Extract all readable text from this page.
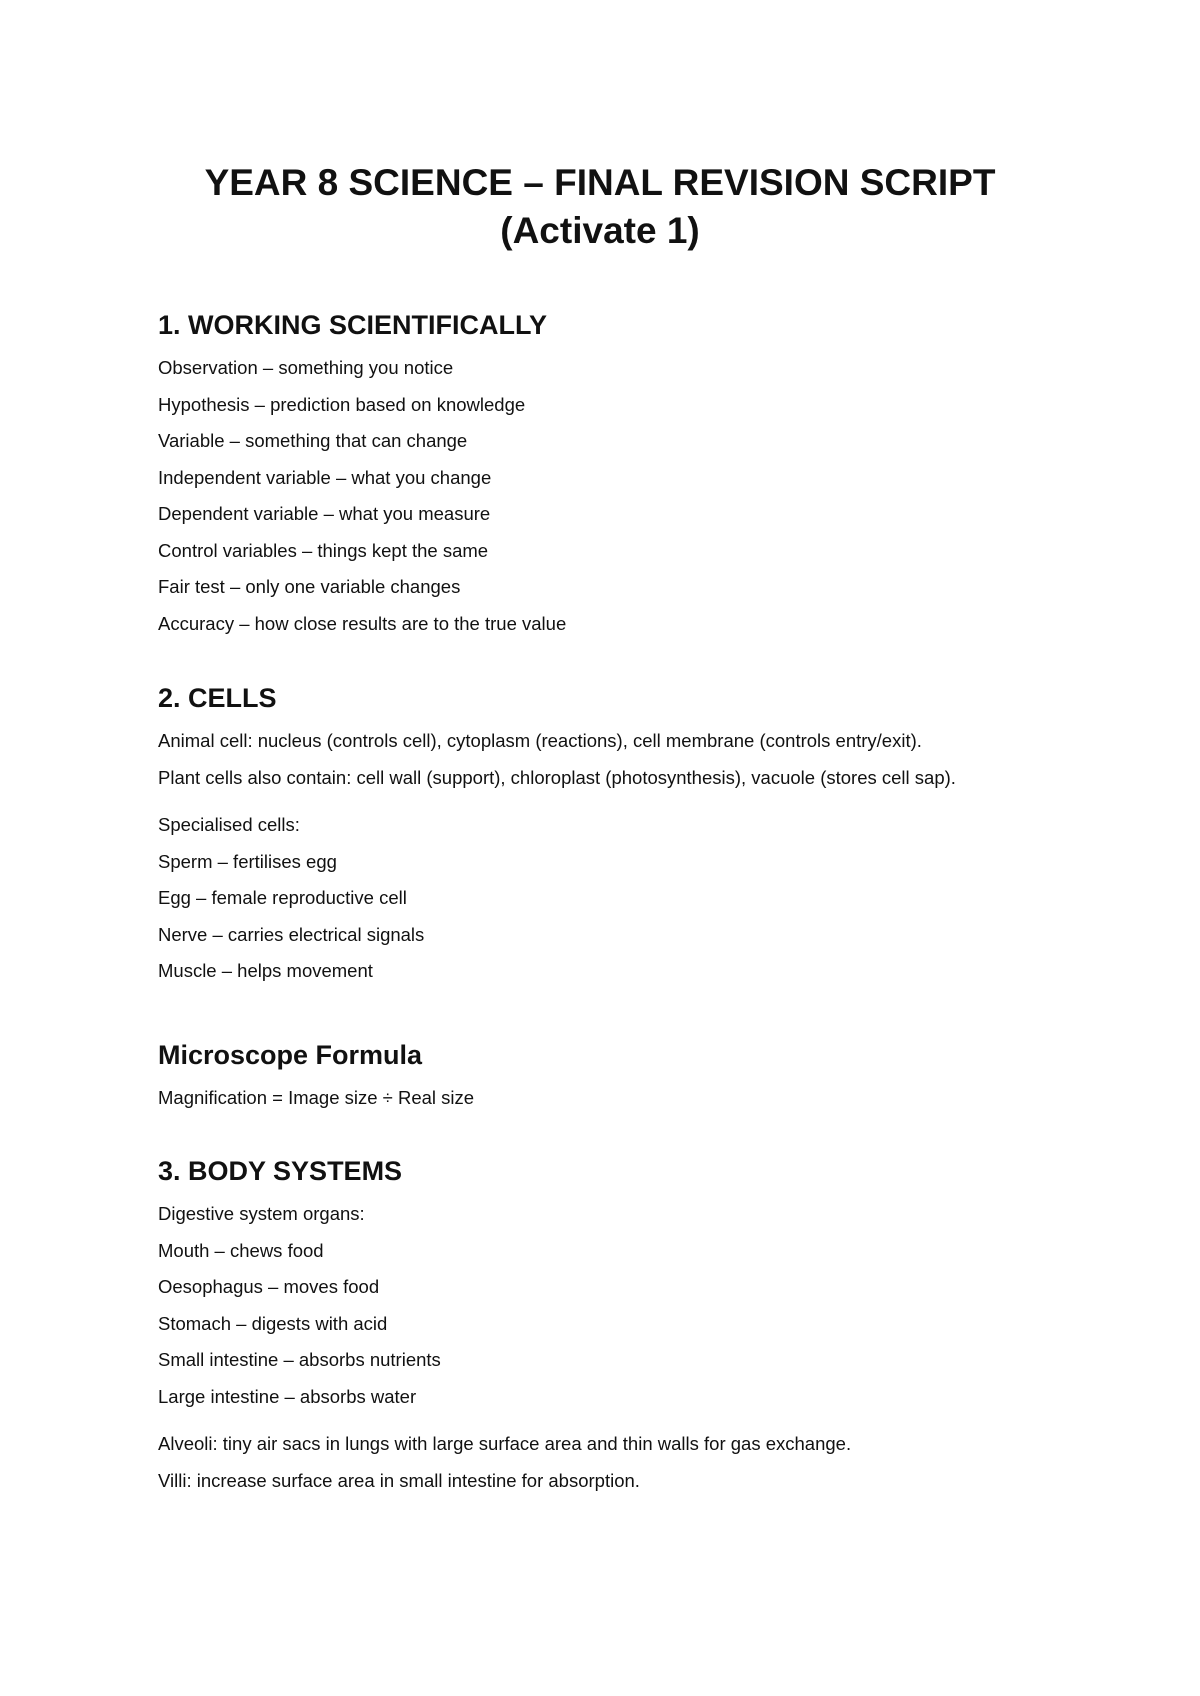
YEAR 8 SCIENCE – FINAL REVISION SCRIPT
(Activate 1)
1. WORKING SCIENTIFICALLY

Observation – something you notice

Hypothesis – prediction based on knowledge

Variable – something that can change

Independent variable – what you change

Dependent variable – what you measure

Control variables – things kept the same

Fair test – only one variable changes

Accuracy – how close results are to the true value

2. CELLS

Animal cell: nucleus (controls cell), cytoplasm (reactions), cell membrane (controls entry/exit).

Plant cells also contain: cell wall (support), chloroplast (photosynthesis), vacuole (stores cell sap).

Specialised cells:

Sperm – fertilises egg

Egg – female reproductive cell

Nerve – carries electrical signals

Muscle – helps movement

Microscope Formula

Magnification = Image size ÷ Real size

3. BODY SYSTEMS

Digestive system organs:

Mouth – chews food

Oesophagus – moves food

Stomach – digests with acid

Small intestine – absorbs nutrients

Large intestine – absorbs water

Alveoli: tiny air sacs in lungs with large surface area and thin walls for gas exchange.

Villi: increase surface area in small intestine for absorption.
